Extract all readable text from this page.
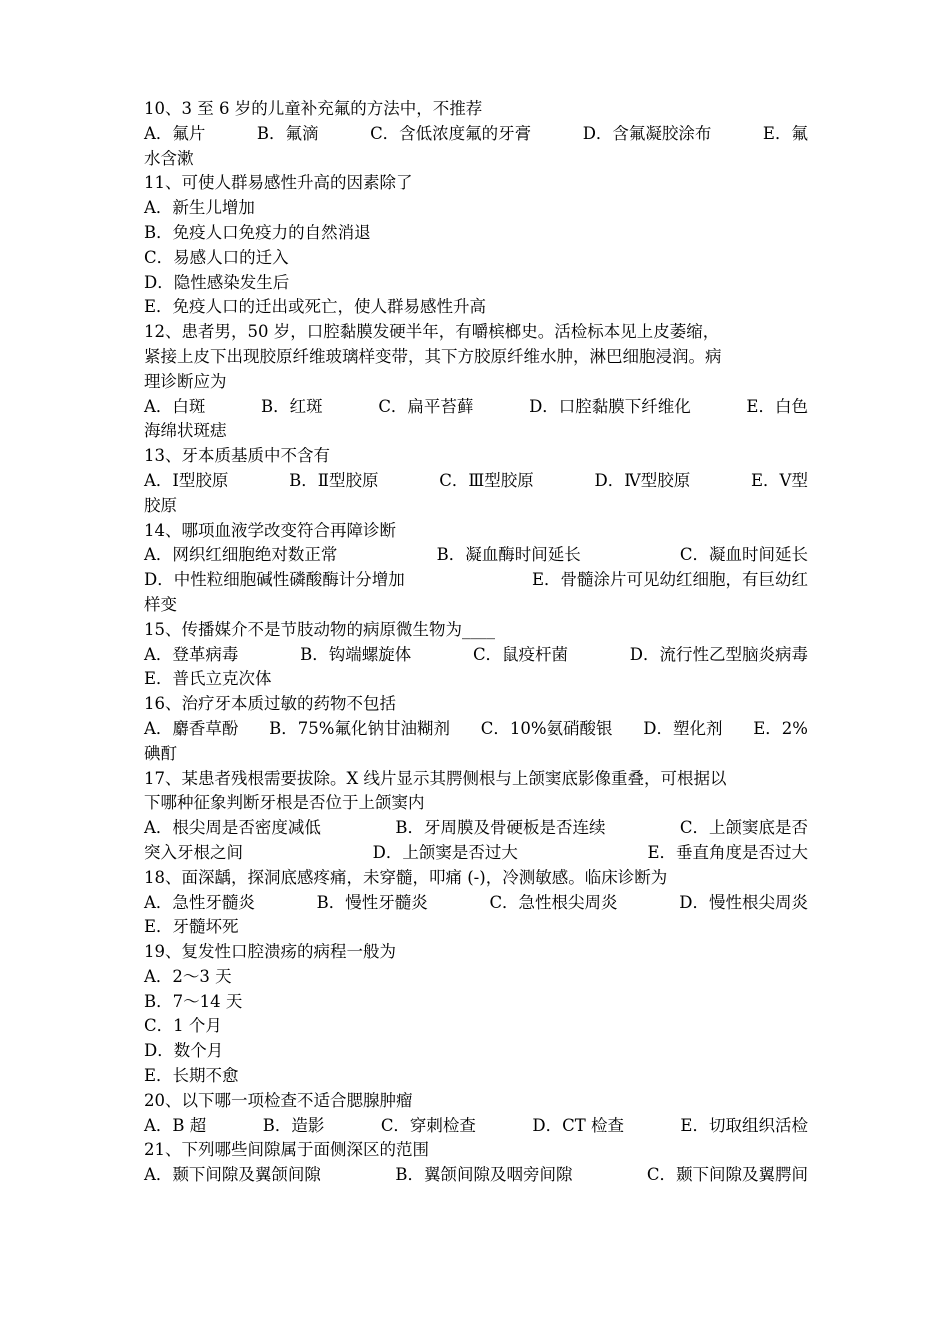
10、3 至 6 岁的儿童补充氟的方法中，不推荐
A．氟片	B．氟滴	C．含低浓度氟的牙膏	D．含氟凝胶涂布	E．氟
水含漱
11、可使人群易感性升高的因素除了
A．新生儿增加
B．免疫人口免疫力的自然消退
C．易感人口的迁入
D．隐性感染发生后
E．免疫人口的迁出或死亡，使人群易感性升高
12、患者男，50 岁，口腔黏膜发硬半年，有嚼槟榔史。活检标本见上皮萎缩，
紧接上皮下出现胶原纤维玻璃样变带，其下方胶原纤维水肿，淋巴细胞浸润。病
理诊断应为
A．白斑	B．红斑	C．扁平苔藓	D．口腔黏膜下纤维化	E．白色
海绵状斑痣
13、牙本质基质中不含有
A．Ⅰ型胶原	B．Ⅱ型胶原	C．Ⅲ型胶原	D．Ⅳ型胶原	E．Ⅴ型
胶原
14、哪项血液学改变符合再障诊断
A．网织红细胞绝对数正常	B．凝血酶时间延长	C．凝血时间延长
D．中性粒细胞碱性磷酸酶计分增加	E．骨髓涂片可见幼红细胞，有巨幼红
样变
15、传播媒介不是节肢动物的病原微生物为____
A．登革病毒	B．钩端螺旋体	C．鼠疫杆菌	D．流行性乙型脑炎病毒
E．普氏立克次体
16、治疗牙本质过敏的药物不包括
A．麝香草酚 B．75%氟化钠甘油糊剂 C．10%氨硝酸银 D．塑化剂 E．2%
碘酊
17、某患者残根需要拔除。X 线片显示其腭侧根与上颌窦底影像重叠，可根据以
下哪种征象判断牙根是否位于上颌窦内
A．根尖周是否密度减低	B．牙周膜及骨硬板是否连续	C．上颌窦底是否
突入牙根之间	D．上颌窦是否过大	E．垂直角度是否过大
18、面深龋，探洞底感疼痛，未穿髓，叩痛 (-)，冷测敏感。临床诊断为
A．急性牙髓炎	B．慢性牙髓炎	C．急性根尖周炎	D．慢性根尖周炎
E．牙髓坏死
19、复发性口腔溃疡的病程一般为
A．2～3 天
B．7～14 天
C．1 个月
D．数个月
E．长期不愈
20、以下哪一项检查不适合腮腺肿瘤
A．B 超	B．造影	C．穿刺检查	D．CT 检查	E．切取组织活检
21、下列哪些间隙属于面侧深区的范围
A．颞下间隙及翼颌间隙	B．翼颌间隙及咽旁间隙	C．颞下间隙及翼腭间
